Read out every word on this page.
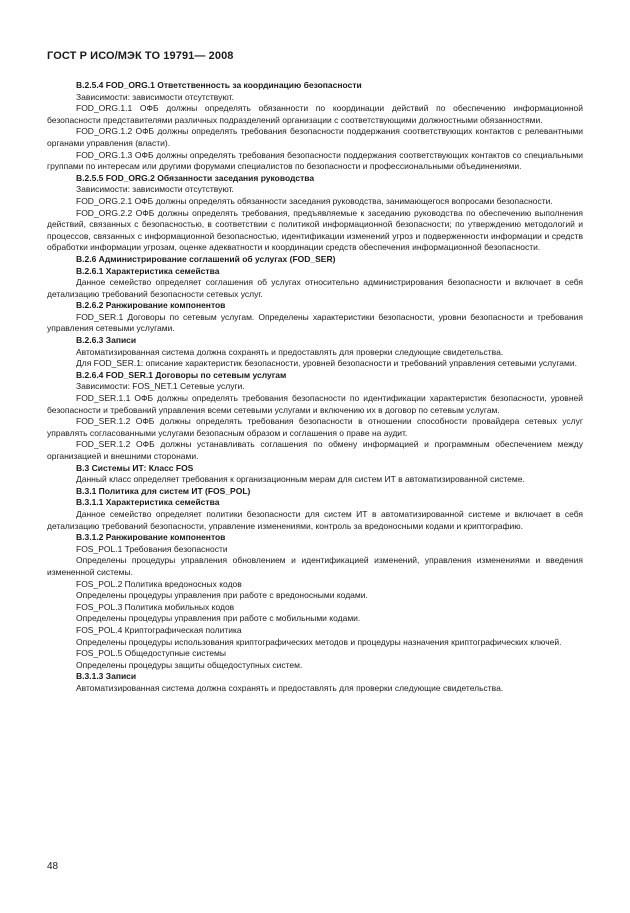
ГОСТ Р ИСО/МЭК ТО 19791— 2008

В.2.5.4 FOD_ORG.1 Ответственность за координацию безопасности

Зависимости: зависимости отсутствуют.

FOD_ORG.1.1 ОФБ должны определять обязанности по координации действий по обеспечению информационной безопасности представителями различных подразделений организации с соответствующими должностными обязанностями.

FOD_ORG.1.2 ОФБ должны определять требования безопасности поддержания соответствующих контактов с релевантными органами управления (власти).

FOD_ORG.1.3 ОФБ должны определять требования безопасности поддержания соответствующих контактов со специальными группами по интересам или другими форумами специалистов по безопасности и профессиональными объединениями.

В.2.5.5 FOD_ORG.2 Обязанности заседания руководства

Зависимости: зависимости отсутствуют.

FOD_ORG.2.1 ОФБ должны определять обязанности заседания руководства, занимающегося вопросами безопасности.

FOD_ORG.2.2 ОФБ должны определять требования, предъявляемые к заседанию руководства по обеспечению выполнения действий, связанных с безопасностью, в соответствии с политикой информационной безопасности; по утверждению методологий и процессов, связанных с информационной безопасностью, идентификации изменений угроз и подверженности информации и средств обработки информации угрозам, оценке адекватности и координации средств обеспечения информационной безопасности.

В.2.6 Администрирование соглашений об услугах (FOD_SER)

В.2.6.1 Характеристика семейства

Данное семейство определяет соглашения об услугах относительно администрирования безопасности и включает в себя детализацию требований безопасности сетевых услуг.

В.2.6.2 Ранжирование компонентов

FOD_SER.1 Договоры по сетевым услугам. Определены характеристики безопасности, уровни безопасности и требования управления сетевыми услугами.

В.2.6.3 Записи

Автоматизированная система должна сохранять и предоставлять для проверки следующие свидетельства.

Для FOD_SER.1: описание характеристик безопасности, уровней безопасности и требований управления сетевыми услугами.

В.2.6.4 FOD_SER.1 Договоры по сетевым услугам

Зависимости: FOS_NET.1 Сетевые услуги.

FOD_SER.1.1 ОФБ должны определять требования безопасности по идентификации характеристик безопасности, уровней безопасности и требований управления всеми сетевыми услугами и включению их в договор по сетевым услугам.

FOD_SER.1.2 ОФБ должны определять требования безопасности в отношении способности провайдера сетевых услуг управлять согласованными услугами безопасным образом и соглашения о праве на аудит.

FOD_SER.1.2 ОФБ должны устанавливать соглашения по обмену информацией и программным обеспечением между организацией и внешними сторонами.

В.3 Системы ИТ: Класс FOS

Данный класс определяет требования к организационным мерам для систем ИТ в автоматизированной системе.

В.3.1 Политика для систем ИТ (FOS_POL)

В.3.1.1 Характеристика семейства

Данное семейство определяет политики безопасности для систем ИТ в автоматизированной системе и включает в себя детализацию требований безопасности, управление изменениями, контроль за вредоносными кодами и криптографию.

В.3.1.2 Ранжирование компонентов

FOS_POL.1 Требования безопасности

Определены процедуры управления обновлением и идентификацией изменений, управления изменениями и введения измененной системы.

FOS_POL.2 Политика вредоносных кодов

Определены процедуры управления при работе с вредоносными кодами.

FOS_POL.3 Политика мобильных кодов

Определены процедуры управления при работе с мобильными кодами.

FOS_POL.4 Криптографическая политика

Определены процедуры использования криптографических методов и процедуры назначения криптографических ключей.

FOS_POL.5 Общедоступные системы

Определены процедуры защиты общедоступных систем.

В.3.1.3 Записи

Автоматизированная система должна сохранять и предоставлять для проверки следующие свидетельства.

48
